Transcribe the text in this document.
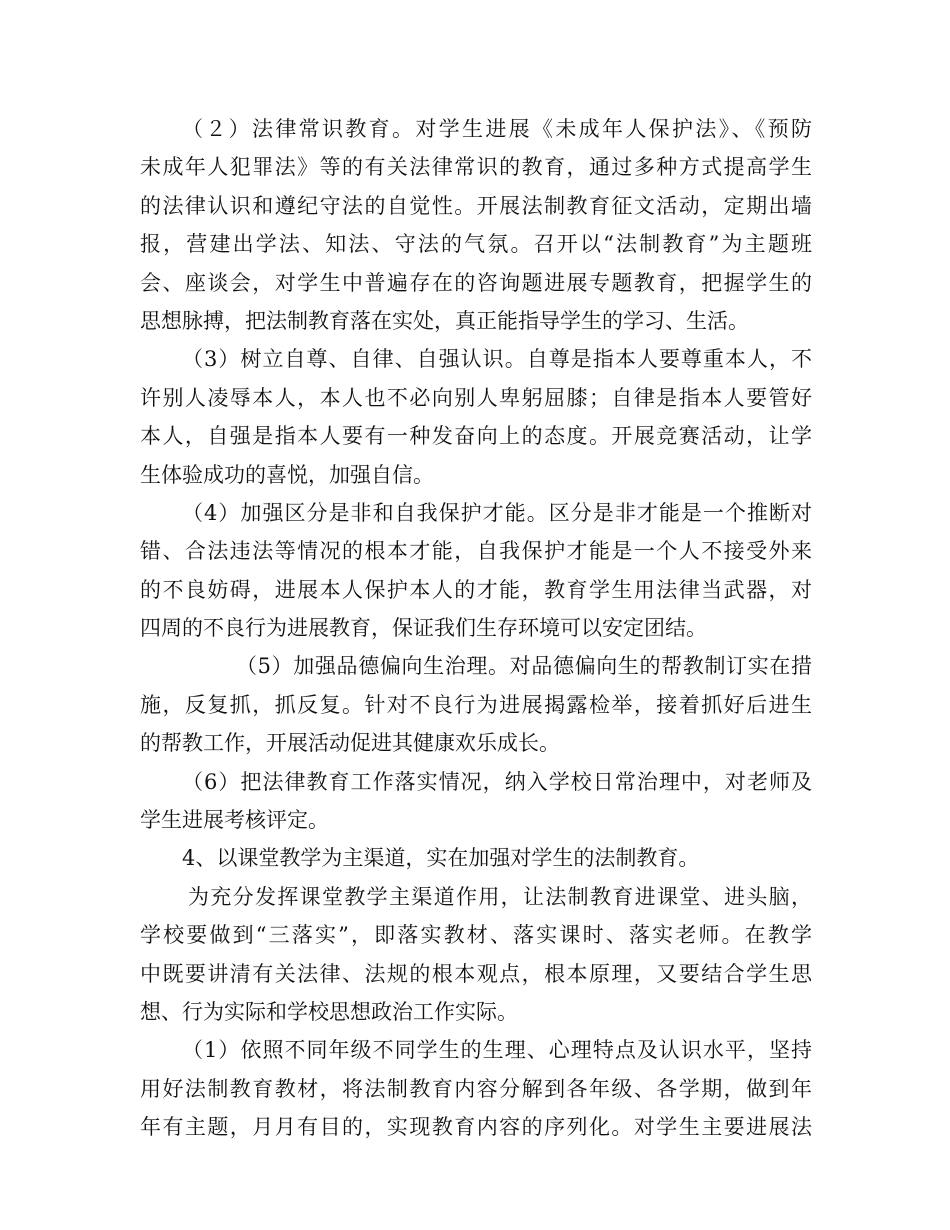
（２）法律常识教育。对学生进展《未成年人保护法》、《预防
未成年人犯罪法》等的有关法律常识的教育，通过多种方式提高学生
的法律认识和遵纪守法的自觉性。开展法制教育征文活动，定期出墙
报，营建出学法、知法、守法的气氛。召开以“法制教育”为主题班
会、座谈会，对学生中普遍存在的咨询题进展专题教育，把握学生的
思想脉搏，把法制教育落在实处，真正能指导学生的学习、生活。
（3）树立自尊、自律、自强认识。自尊是指本人要尊重本人，不
许别人凌辱本人，本人也不必向别人卑躬屈膝；自律是指本人要管好
本人，自强是指本人要有一种发奋向上的态度。开展竞赛活动，让学
生体验成功的喜悦，加强自信。
（4）加强区分是非和自我保护才能。区分是非才能是一个推断对
错、合法违法等情况的根本才能，自我保护才能是一个人不接受外来
的不良妨碍，进展本人保护本人的才能，教育学生用法律当武器，对
四周的不良行为进展教育，保证我们生存环境可以安定团结。
（5）加强品德偏向生治理。对品德偏向生的帮教制订实在措
施，反复抓，抓反复。针对不良行为进展揭露检举，接着抓好后进生
的帮教工作，开展活动促进其健康欢乐成长。
（6）把法律教育工作落实情况，纳入学校日常治理中，对老师及
学生进展考核评定。
4、以课堂教学为主渠道，实在加强对学生的法制教育。
为充分发挥课堂教学主渠道作用，让法制教育进课堂、进头脑，
学校要做到“三落实”，即落实教材、落实课时、落实老师。在教学
中既要讲清有关法律、法规的根本观点，根本原理，又要结合学生思
想、行为实际和学校思想政治工作实际。
（1）依照不同年级不同学生的生理、心理特点及认识水平，坚持
用好法制教育教材，将法制教育内容分解到各年级、各学期，做到年
年有主题，月月有目的，实现教育内容的序列化。对学生主要进展法
